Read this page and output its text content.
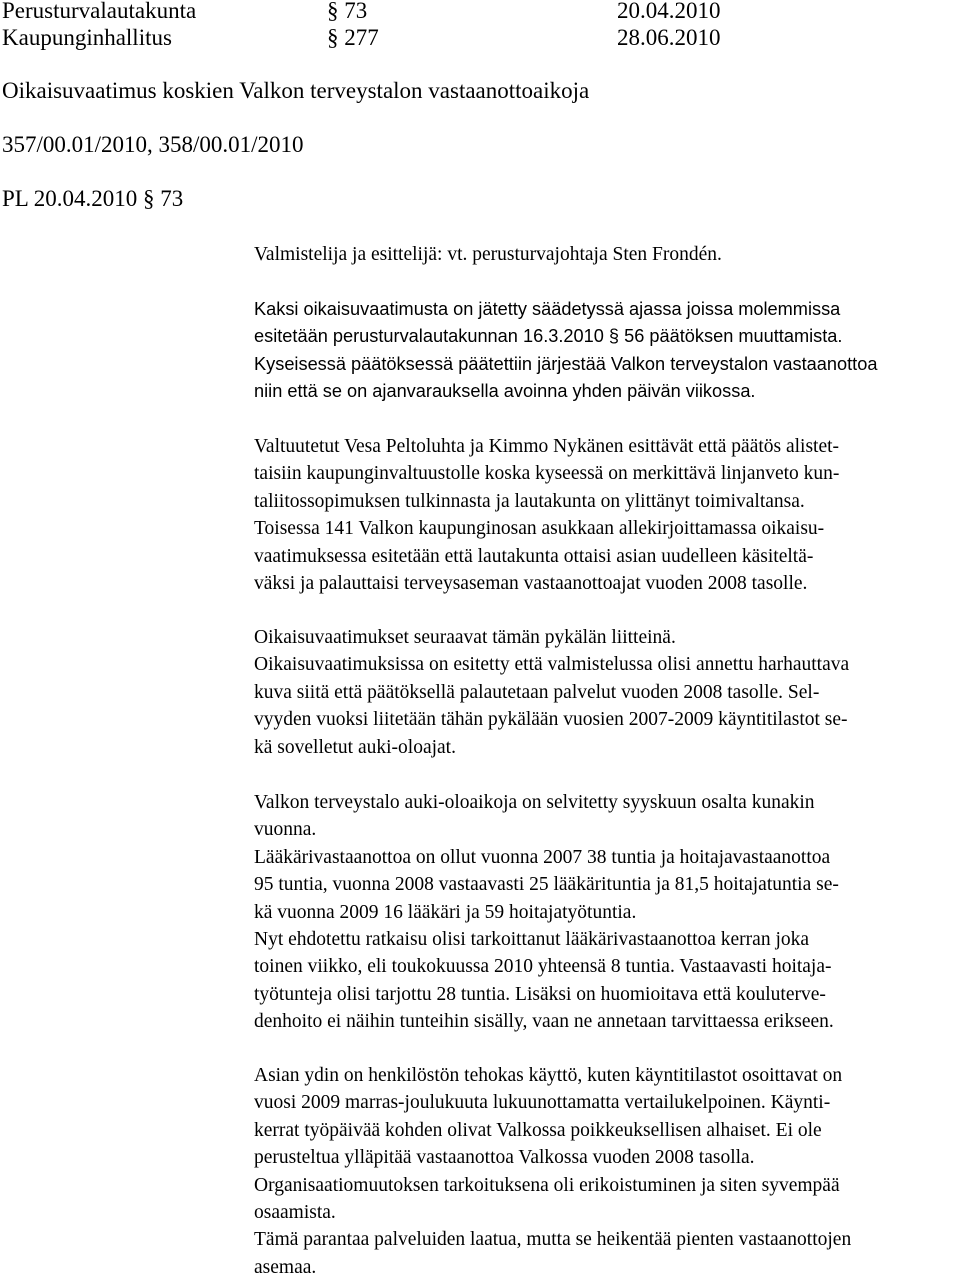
Perusturvalautakunta	§ 73	20.04.2010
Kaupunginhallitus	§ 277	28.06.2010
Oikaisuvaatimus koskien Valkon terveystalon vastaanottoaikoja
357/00.01/2010, 358/00.01/2010
PL 20.04.2010 § 73

Valmistelija ja esittelijä: vt. perusturvajohtaja Sten Frondén.

Kaksi oikaisuvaatimusta on jätetty säädetyssä ajassa joissa molemmissa

esitetään perusturvalautakunnan 16.3.2010 § 56 päätöksen muuttamista.

Kyseisessä päätöksessä päätettiin järjestää Valkon terveystalon vastaanottoa

niin että se on ajanvarauksella avoinna yhden päivän viikossa.

Valtuutetut Vesa Peltoluhta ja Kimmo Nykänen esittävät että päätös alistet-

taisiin kaupunginvaltuustolle koska kyseessä on merkittävä linjanveto kun-

taliitossopimuksen tulkinnasta ja lautakunta on ylittänyt toimivaltansa.

Toisessa 141 Valkon kaupunginosan asukkaan allekirjoittamassa oikaisu-

vaatimuksessa esitetään että lautakunta ottaisi asian uudelleen käsiteltä-

väksi ja palauttaisi terveysaseman vastaanottoajat vuoden 2008 tasolle.

Oikaisuvaatimukset seuraavat tämän pykälän liitteinä.

Oikaisuvaatimuksissa on esitetty että valmistelussa olisi annettu harhauttava

kuva siitä että päätöksellä palautetaan palvelut vuoden 2008 tasolle. Sel-

vyyden vuoksi liitetään tähän pykälään vuosien 2007-2009 käyntitilastot se-

kä sovelletut auki-oloajat.

Valkon terveystalo auki-oloaikoja on selvitetty syyskuun osalta kunakin

vuonna.

Lääkärivastaanottoa on ollut vuonna 2007 38 tuntia ja hoitajavastaanottoa

95 tuntia, vuonna 2008 vastaavasti 25 lääkärituntia ja 81,5 hoitajatuntia se-

kä vuonna 2009 16 lääkäri ja 59 hoitajatyötuntia.

Nyt ehdotettu ratkaisu olisi tarkoittanut lääkärivastaanottoa kerran joka

toinen viikko, eli toukokuussa 2010 yhteensä 8 tuntia. Vastaavasti hoitaja-

työtunteja olisi tarjottu 28 tuntia. Lisäksi on huomioitava että kouluterve-

denhoito ei näihin tunteihin sisälly, vaan ne annetaan tarvittaessa erikseen.

Asian ydin on henkilöstön tehokas käyttö, kuten käyntitilastot osoittavat on

vuosi 2009 marras-joulukuuta lukuunottamatta vertailukelpoinen. Käynti-

kerrat työpäivää kohden olivat Valkossa poikkeuksellisen alhaiset. Ei ole

perusteltua ylläpitää vastaanottoa Valkossa vuoden 2008 tasolla.

Organisaatiomuutoksen tarkoituksena oli erikoistuminen ja siten syvempää

osaamista.

Tämä parantaa palveluiden laatua, mutta se heikentää pienten vastaanottojen

asemaa.
